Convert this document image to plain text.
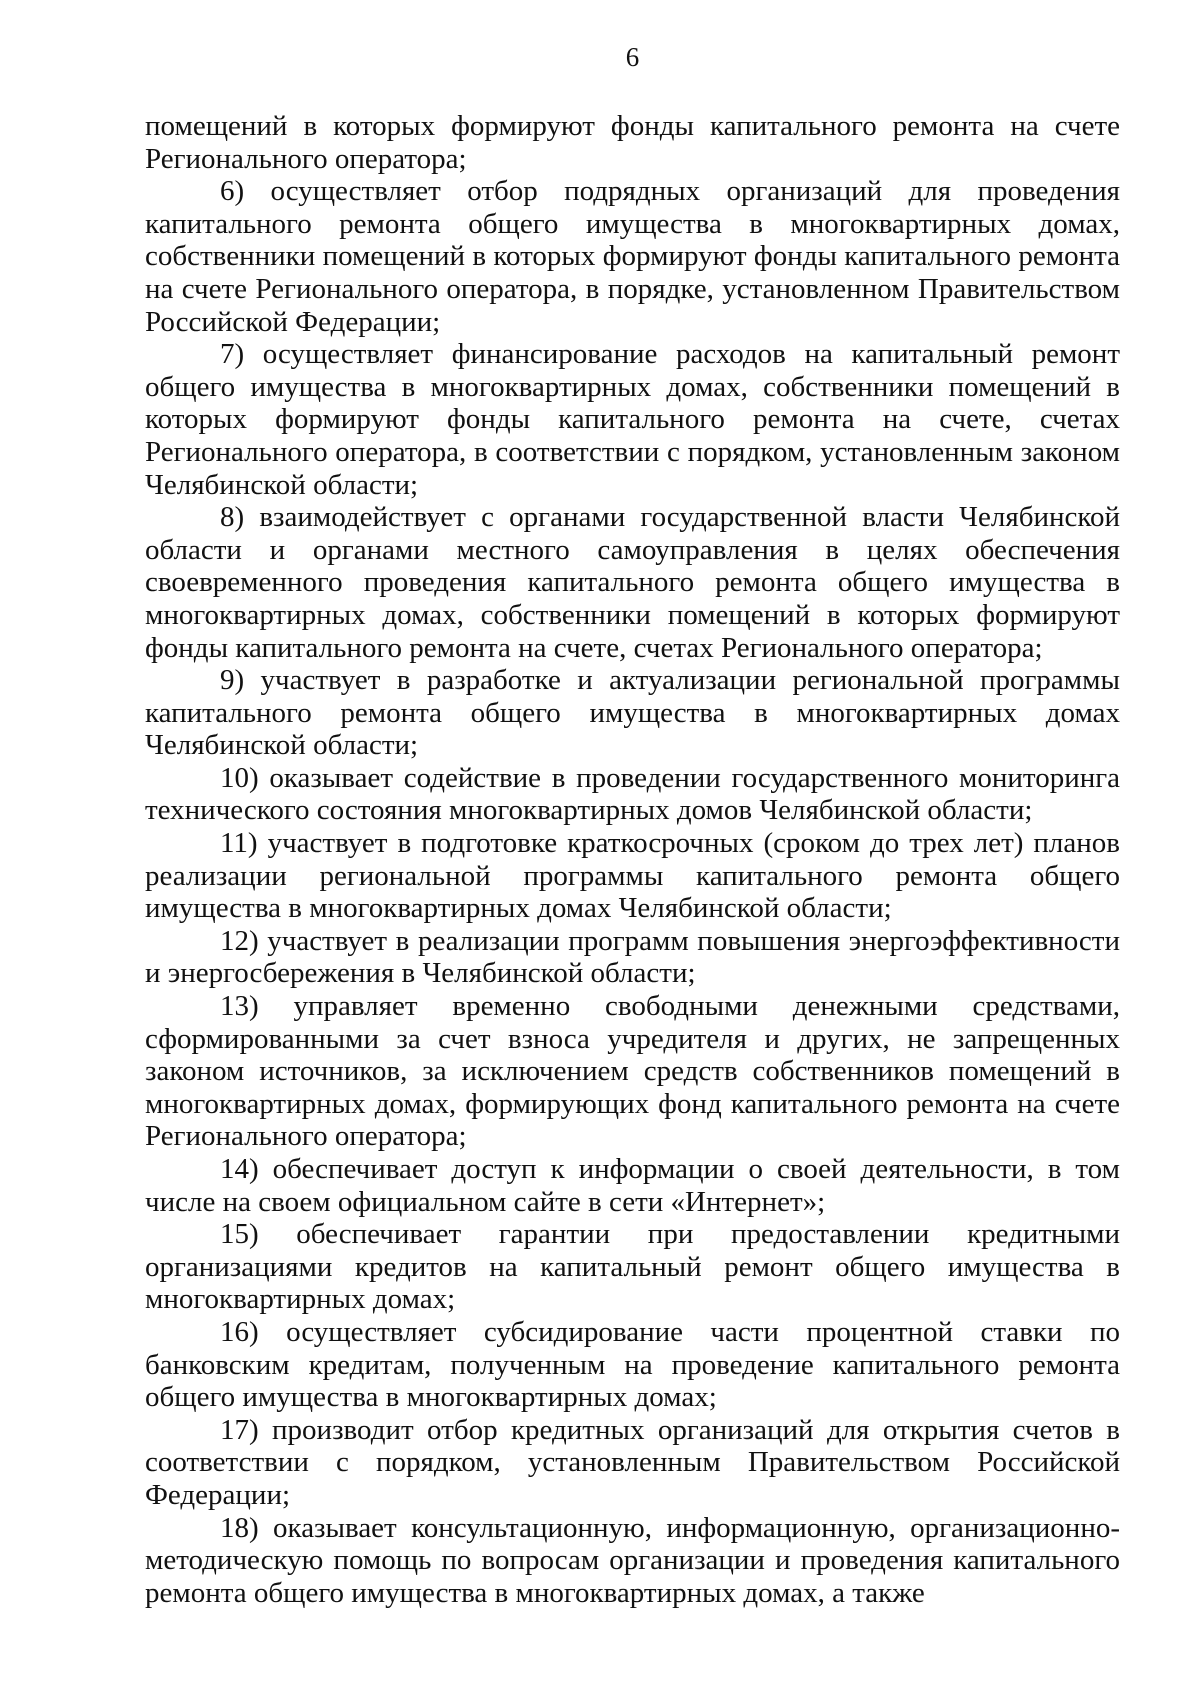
6

помещений в которых формируют фонды капитального ремонта на счете Регионального оператора;

6) осуществляет отбор подрядных организаций для проведения капитального ремонта общего имущества в многоквартирных домах, собственники помещений в которых формируют фонды капитального ремонта на счете Регионального оператора, в порядке, установленном Правительством Российской Федерации;

7) осуществляет финансирование расходов на капитальный ремонт общего имущества в многоквартирных домах, собственники помещений в которых формируют фонды капитального ремонта на счете, счетах Регионального оператора, в соответствии с порядком, установленным законом Челябинской области;

8) взаимодействует с органами государственной власти Челябинской области и органами местного самоуправления в целях обеспечения своевременного проведения капитального ремонта общего имущества в многоквартирных домах, собственники помещений в которых формируют фонды капитального ремонта на счете, счетах Регионального оператора;

9) участвует в разработке и актуализации региональной программы капитального ремонта общего имущества в многоквартирных домах Челябинской области;

10) оказывает содействие в проведении государственного мониторинга технического состояния многоквартирных домов Челябинской области;

11) участвует в подготовке краткосрочных (сроком до трех лет) планов реализации региональной программы капитального ремонта общего имущества в многоквартирных домах Челябинской области;

12) участвует в реализации программ повышения энергоэффективности и энергосбережения в Челябинской области;

13) управляет временно свободными денежными средствами, сформированными за счет взноса учредителя и других, не запрещенных законом источников, за исключением средств собственников помещений в многоквартирных домах, формирующих фонд капитального ремонта на счете Регионального оператора;

14) обеспечивает доступ к информации о своей деятельности, в том числе на своем официальном сайте в сети «Интернет»;

15) обеспечивает гарантии при предоставлении кредитными организациями кредитов на капитальный ремонт общего имущества в многоквартирных домах;

16) осуществляет субсидирование части процентной ставки по банковским кредитам, полученным на проведение капитального ремонта общего имущества в многоквартирных домах;

17) производит отбор кредитных организаций для открытия счетов в соответствии с порядком, установленным Правительством Российской Федерации;

18) оказывает консультационную, информационную, организационно-методическую помощь по вопросам организации и проведения капитального ремонта общего имущества в многоквартирных домах, а также
